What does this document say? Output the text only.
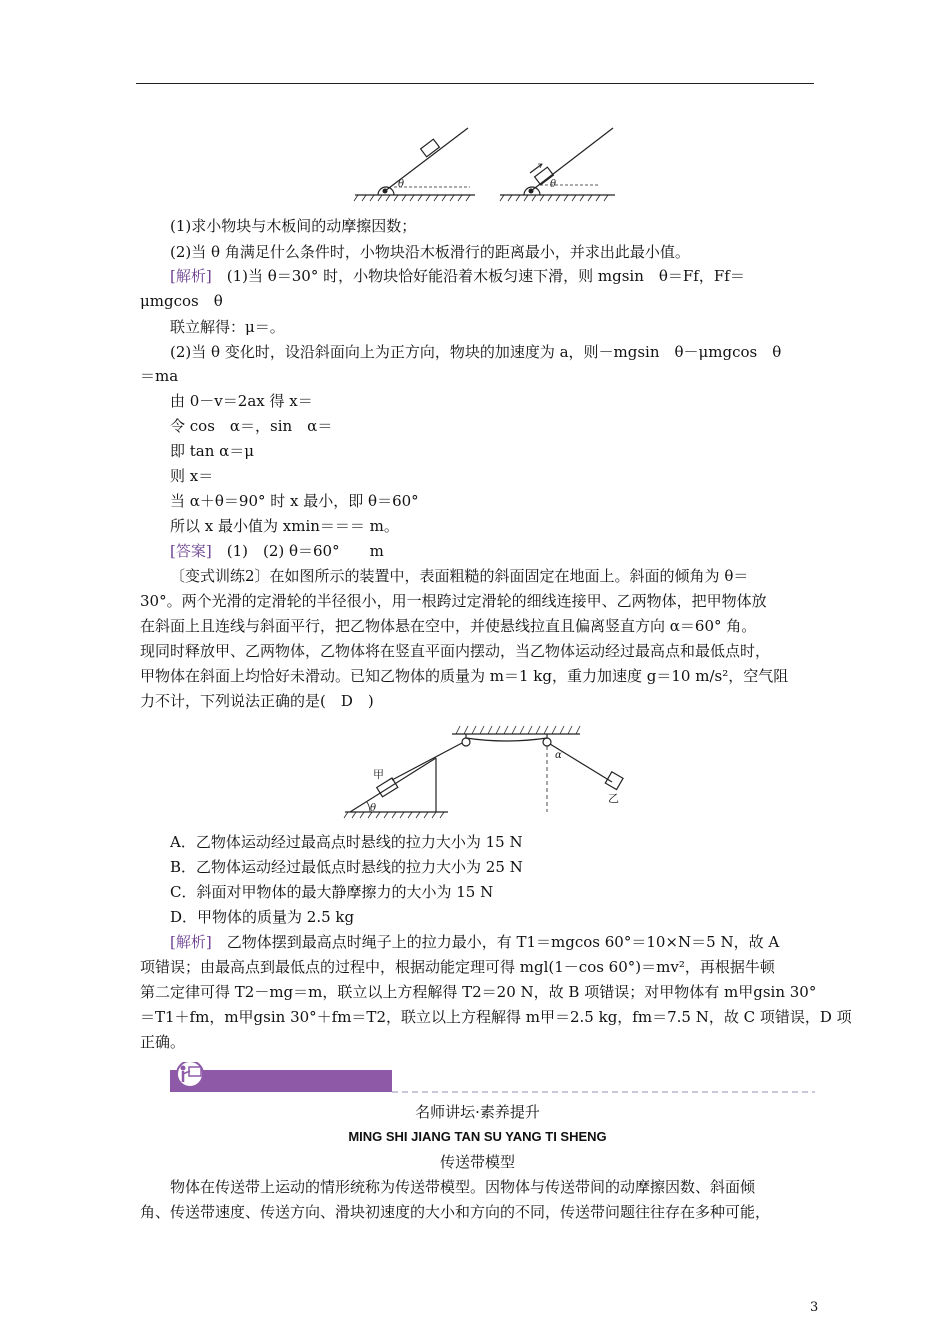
θ	θ
(1)求小物块与木板间的动摩擦因数；
(2)当 θ 角满足什么条件时，小物块沿木板滑行的距离最小，并求出此最小值。
[解析]　(1)当 θ＝30° 时，小物块恰好能沿着木板匀速下滑，则 mgsin　θ＝Ff，Ff＝
μmgcos　θ
联立解得：μ＝。
(2)当 θ 变化时，设沿斜面向上为正方向，物块的加速度为 a，则－mgsin　θ－μmgcos　θ
＝ma
由 0－v＝2ax 得 x＝
令 cos　α＝，sin　α＝
即 tan α＝μ
则 x＝
当 α＋θ＝90° 时 x 最小，即 θ＝60°
所以 x 最小值为 xmin＝＝＝ m。
[答案]　(1)　(2) θ＝60°　　m
〔变式训练2〕在如图所示的装置中，表面粗糙的斜面固定在地面上。斜面的倾角为 θ＝
30°。两个光滑的定滑轮的半径很小，用一根跨过定滑轮的细线连接甲、乙两物体，把甲物体放
在斜面上且连线与斜面平行，把乙物体悬在空中，并使悬线拉直且偏离竖直方向 α＝60° 角。
现同时释放甲、乙两物体，乙物体将在竖直平面内摆动，当乙物体运动经过最高点和最低点时，
甲物体在斜面上均恰好未滑动。已知乙物体的质量为 m＝1 kg，重力加速度 g＝10 m/s²，空气阻
力不计，下列说法正确的是(　D　)
A．乙物体运动经过最高点时悬线的拉力大小为 15 N
B．乙物体运动经过最低点时悬线的拉力大小为 25 N
C．斜面对甲物体的最大静摩擦力的大小为 15 N
D．甲物体的质量为 2.5 kg
[解析]　乙物体摆到最高点时绳子上的拉力最小，有 T1＝mgcos 60°＝10×N＝5 N，故 A
项错误；由最高点到最低点的过程中，根据动能定理可得 mgl(1－cos 60°)＝mv²，再根据牛顿
第二定律可得 T2－mg＝m，联立以上方程解得 T2＝20 N，故 B 项错误；对甲物体有 m甲gsin 30°
＝T1＋fm，m甲gsin 30°＋fm＝T2，联立以上方程解得 m甲＝2.5 kg，fm＝7.5 N，故 C 项错误，D 项
正确。
名师讲坛·素养提升
MING SHI JIANG TAN SU YANG TI SHENG
传送带模型
物体在传送带上运动的情形统称为传送带模型。因物体与传送带间的动摩擦因数、斜面倾
角、传送带速度、传送方向、滑块初速度的大小和方向的不同，传送带问题往往存在多种可能，
甲
θ
α
乙
3
